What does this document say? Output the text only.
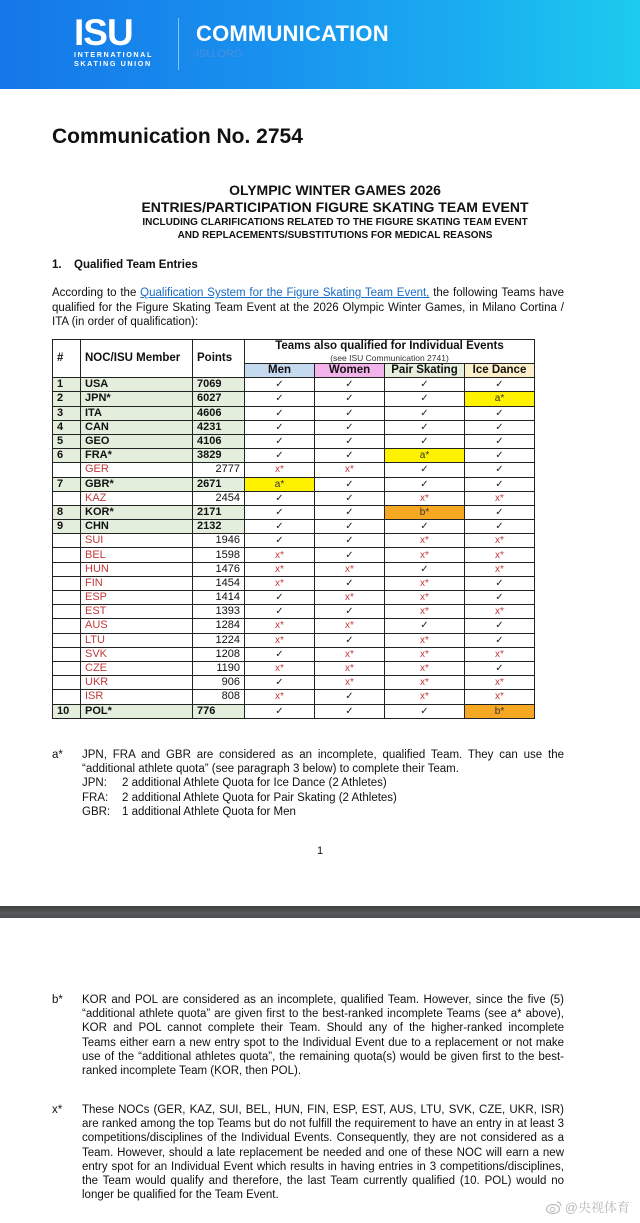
ISU
INTERNATIONAL
SKATING UNION
COMMUNICATION
ISU.ORG
Communication No. 2754
OLYMPIC WINTER GAMES 2026
ENTRIES/PARTICIPATION FIGURE SKATING TEAM EVENT
INCLUDING CLARIFICATIONS RELATED TO THE FIGURE SKATING TEAM EVENT
AND REPLACEMENTS/SUBSTITUTIONS FOR MEDICAL REASONS
1. Qualified Team Entries
According to the Qualification System for the Figure Skating Team Event, the following Teams have qualified for the Figure Skating Team Event at the 2026 Olympic Winter Games, in Milano Cortina / ITA (in order of qualification):
#	NOC/ISU Member	Points	Teams also qualified for Individual Events
(see ISU Communication 2741)			

			Men	Women	Pair Skating	Ice Dance
1	USA	7069	✓	✓	✓	✓
2	JPN*	6027	✓	✓	✓	a*
3	ITA	4606	✓	✓	✓	✓
4	CAN	4231	✓	✓	✓	✓
5	GEO	4106	✓	✓	✓	✓
6	FRA*	3829	✓	✓	a*	✓
	GER	2777	x*	x*	✓	✓
7	GBR*	2671	a*	✓	✓	✓
	KAZ	2454	✓	✓	x*	x*
8	KOR*	2171	✓	✓	b*	✓
9	CHN	2132	✓	✓	✓	✓
	SUI	1946	✓	✓	x*	x*
	BEL	1598	x*	✓	x*	x*
	HUN	1476	x*	x*	✓	x*
	FIN	1454	x*	✓	x*	✓
	ESP	1414	✓	x*	x*	✓
	EST	1393	✓	✓	x*	x*
	AUS	1284	x*	x*	✓	✓
	LTU	1224	x*	✓	x*	✓
	SVK	1208	✓	x*	x*	x*
	CZE	1190	x*	x*	x*	✓
	UKR	906	✓	x*	x*	x*
	ISR	808	x*	✓	x*	x*
10	POL*	776	✓	✓	✓	b*
a*	JPN, FRA and GBR are considered as an incomplete, qualified Team. They can use the “additional athlete quota” (see paragraph 3 below) to complete their Team.
JPN:	2 additional Athlete Quota for Ice Dance (2 Athletes)
FRA:	2 additional Athlete Quota for Pair Skating (2 Athletes)
GBR:	1 additional Athlete Quota for Men
1
b*	KOR and POL are considered as an incomplete, qualified Team. However, since the five (5) “additional athlete quota” are given first to the best-ranked incomplete Teams (see a* above), KOR and POL cannot complete their Team. Should any of the higher-ranked incomplete Teams either earn a new entry spot to the Individual Event due to a replacement or not make use of the “additional athletes quota”, the remaining quota(s) would be given first to the best-ranked incomplete Team (KOR, then POL).
x*	These NOCs (GER, KAZ, SUI, BEL, HUN, FIN, ESP, EST, AUS, LTU, SVK, CZE, UKR, ISR) are ranked among the top Teams but do not fulfill the requirement to have an entry in at least 3 competitions/disciplines of the Individual Events. Consequently, they are not considered as a Team. However, should a late replacement be needed and one of these NOC will earn a new entry spot for an Individual Event which results in having entries in 3 competitions/disciplines, the Team would qualify and therefore, the last Team currently qualified (10. POL) would no longer be qualified for the Team Event.
@央视体育
